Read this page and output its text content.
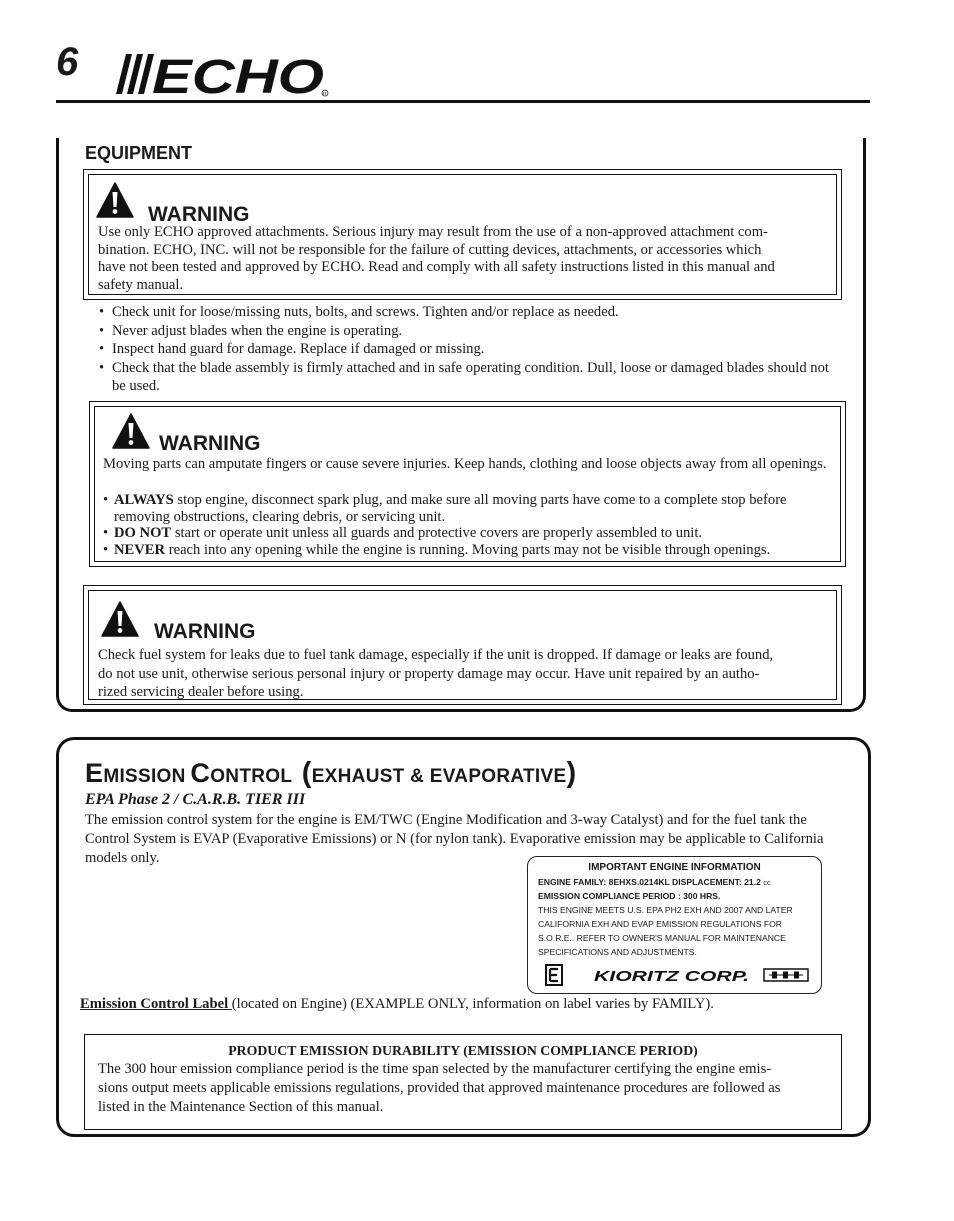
6 ECHO R
EQUIPMENT
WARNING
Use only ECHO approved attachments. Serious injury may result from the use of a non-approved attachment com-
bination. ECHO, INC. will not be responsible for the failure of cutting devices, attachments, or accessories which
have not been tested and approved by ECHO. Read and comply with all safety instructions listed in this manual and
safety manual.
• Check unit for loose/missing nuts, bolts, and screws. Tighten and/or replace as needed.
• Never adjust blades when the engine is operating.
• Inspect hand guard for damage. Replace if damaged or missing.
• Check that the blade assembly is firmly attached and in safe operating condition. Dull, loose or damaged blades should not be used.
WARNING
Moving parts can amputate fingers or cause severe injuries. Keep hands, clothing and loose objects away from all openings.
• ALWAYS stop engine, disconnect spark plug, and make sure all moving parts have come to a complete stop before removing obstructions, clearing debris, or servicing unit.
• DO NOT start or operate unit unless all guards and protective covers are properly assembled to unit.
• NEVER reach into any opening while the engine is running. Moving parts may not be visible through openings.
WARNING
Check fuel system for leaks due to fuel tank damage, especially if the unit is dropped. If damage or leaks are found,
do not use unit, otherwise serious personal injury or property damage may occur. Have unit repaired by an autho-
rized servicing dealer before using.
EMISSION CONTROL (EXHAUST & EVAPORATIVE)
EPA Phase 2 / C.A.R.B. TIER III
The emission control system for the engine is EM/TWC (Engine Modification and 3-way Catalyst) and for the fuel tank the Control System is EVAP (Evaporative Emissions) or N (for nylon tank). Evaporative emission may be applicable to California models only.
IMPORTANT ENGINE INFORMATION
ENGINE FAMILY: 8EHXS.0214KL DISPLACEMENT: 21.2 cc
EMISSION COMPLIANCE PERIOD : 300 HRS.
THIS ENGINE MEETS U.S. EPA PH2 EXH AND 2007 AND LATER
CALIFORNIA EXH AND EVAP EMISSION REGULATIONS FOR
S.O.R.E.. REFER TO OWNER'S MANUAL FOR MAINTENANCE
SPECIFICATIONS AND ADJUSTMENTS.
KIORITZ CORP.
Emission Control Label (located on Engine) (EXAMPLE ONLY, information on label varies by FAMILY).
PRODUCT EMISSION DURABILITY (EMISSION COMPLIANCE PERIOD)
The 300 hour emission compliance period is the time span selected by the manufacturer certifying the engine emis-
sions output meets applicable emissions regulations, provided that approved maintenance procedures are followed as
listed in the Maintenance Section of this manual.
